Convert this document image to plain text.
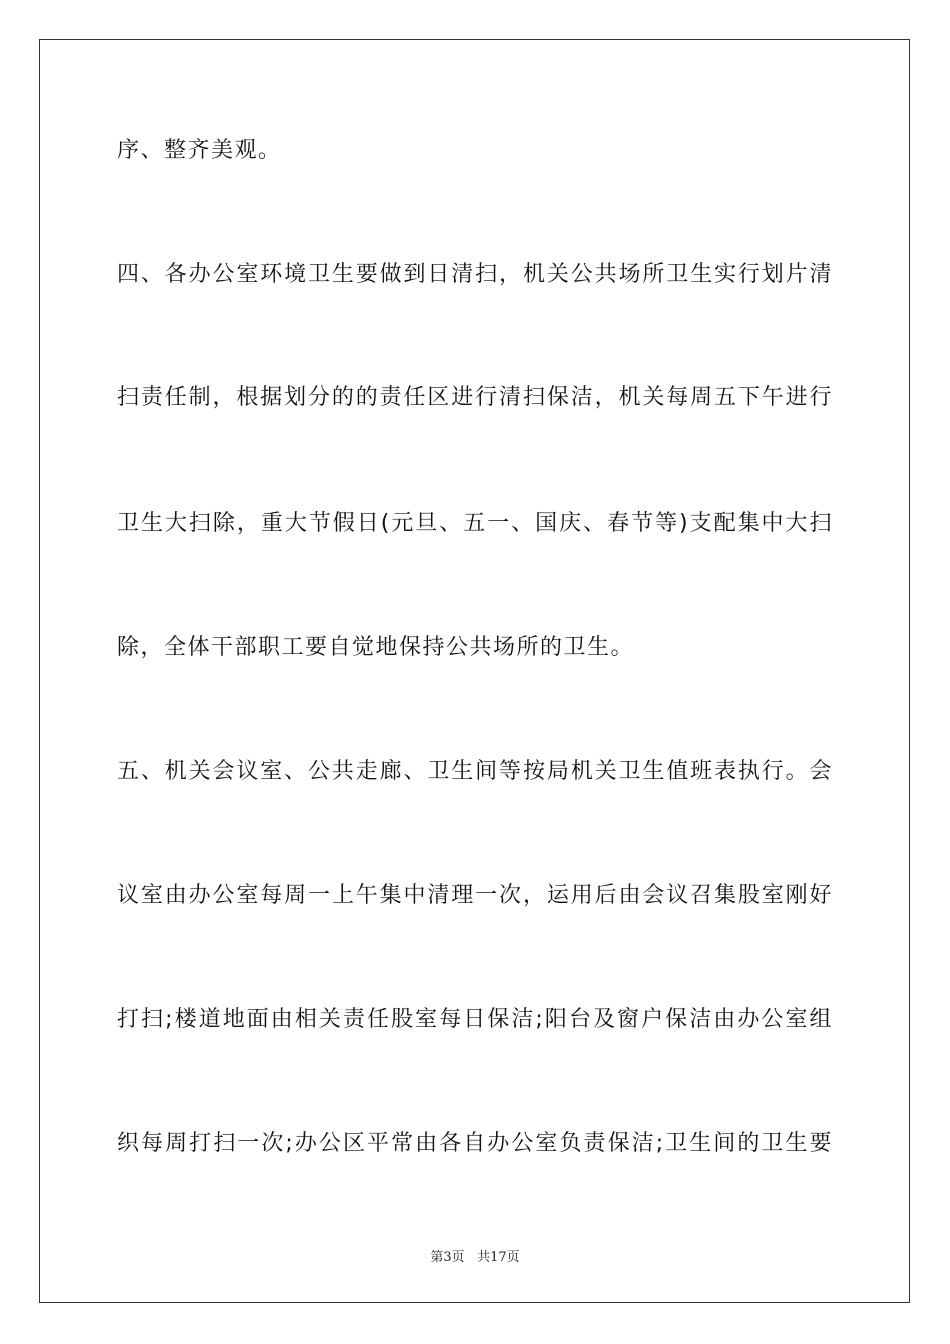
序、整齐美观。
四、各办公室环境卫生要做到日清扫，机关公共场所卫生实行划片清
扫责任制，根据划分的的责任区进行清扫保洁，机关每周五下午进行
卫生大扫除，重大节假日(元旦、五一、国庆、春节等)支配集中大扫
除，全体干部职工要自觉地保持公共场所的卫生。
五、机关会议室、公共走廊、卫生间等按局机关卫生值班表执行。会
议室由办公室每周一上午集中清理一次，运用后由会议召集股室刚好
打扫;楼道地面由相关责任股室每日保洁;阳台及窗户保洁由办公室组
织每周打扫一次;办公区平常由各自办公室负责保洁;卫生间的卫生要
第3页 共17页
